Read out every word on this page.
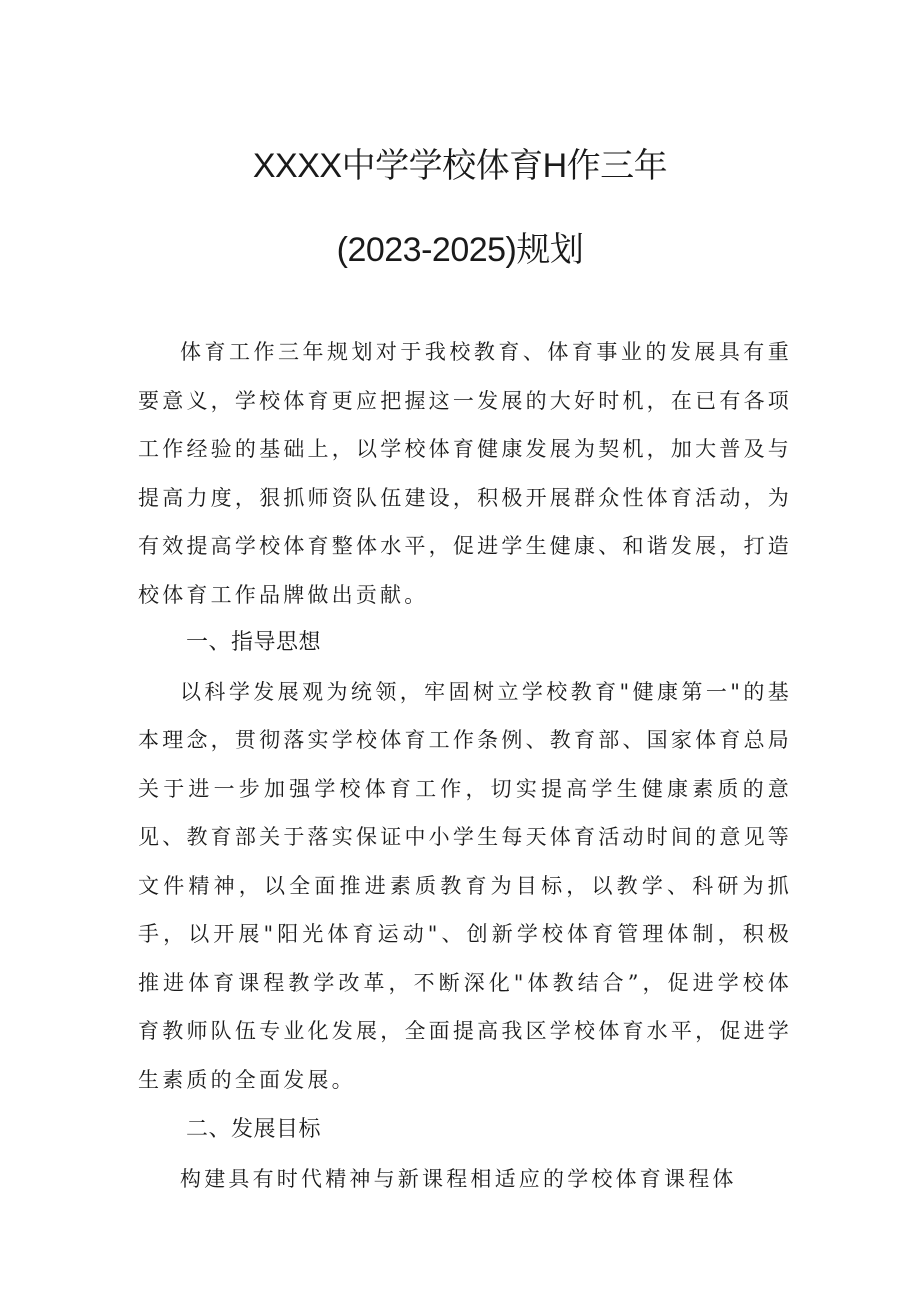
XXXX中学学校体育H作三年
(2023-2025)规划

体育工作三年规划对于我校教育、体育事业的发展具有重要意义，学校体育更应把握这一发展的大好时机，在已有各项工作经验的基础上，以学校体育健康发展为契机，加大普及与提高力度，狠抓师资队伍建设，积极开展群众性体育活动，为有效提高学校体育整体水平，促进学生健康、和谐发展，打造校体育工作品牌做出贡献。

一、指导思想

以科学发展观为统领，牢固树立学校教育"健康第一"的基本理念，贯彻落实学校体育工作条例、教育部、国家体育总局关于进一步加强学校体育工作，切实提高学生健康素质的意见、教育部关于落实保证中小学生每天体育活动时间的意见等文件精神，以全面推进素质教育为目标，以教学、科研为抓手，以开展"阳光体育运动"、创新学校体育管理体制，积极推进体育课程教学改革，不断深化"体教结合”，促进学校体育教师队伍专业化发展，全面提高我区学校体育水平，促进学生素质的全面发展。

二、发展目标

构建具有时代精神与新课程相适应的学校体育课程体
